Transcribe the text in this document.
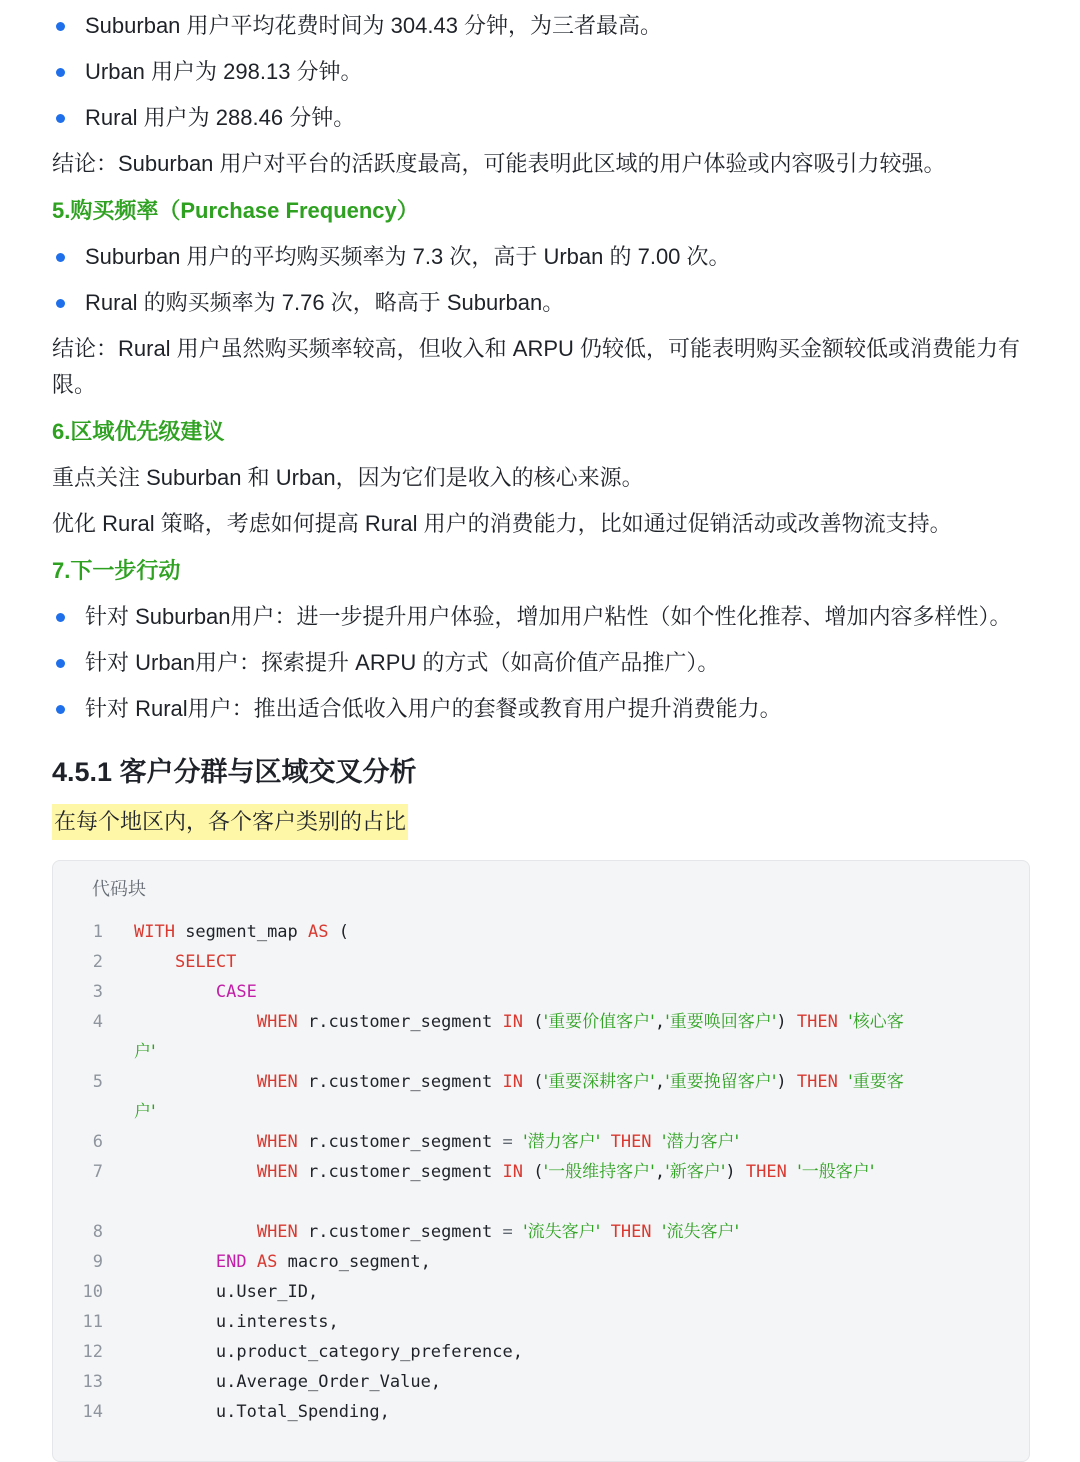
Suburban 用户平均花费时间为 304.43 分钟，为三者最高。
Urban 用户为 298.13 分钟。
Rural 用户为 288.46 分钟。
结论：Suburban 用户对平台的活跃度最高，可能表明此区域的用户体验或内容吸引力较强。
5.购买频率（Purchase Frequency）
Suburban 用户的平均购买频率为 7.3 次，高于 Urban 的 7.00 次。
Rural 的购买频率为 7.76 次，略高于 Suburban。
结论：Rural 用户虽然购买频率较高，但收入和 ARPU 仍较低，可能表明购买金额较低或消费能力有
限。
6.区域优先级建议
重点关注 Suburban 和 Urban，因为它们是收入的核心来源。
优化 Rural 策略，考虑如何提高 Rural 用户的消费能力，比如通过促销活动或改善物流支持。
7.下一步行动
针对 Suburban用户：进一步提升用户体验，增加用户粘性（如个性化推荐、增加内容多样性）。
针对 Urban用户：探索提升 ARPU 的方式（如高价值产品推广）。
针对 Rural用户：推出适合低收入用户的套餐或教育用户提升消费能力。
4.5.1 客户分群与区域交叉分析
在每个地区内，各个客户类别的占比
代码块
1 WITH segment_map AS (
2	SELECT
3	CASE
4	WHEN r.customer_segment IN ('重要价值客户','重要唤回客户') THEN '核心客
户'
5	WHEN r.customer_segment IN ('重要深耕客户','重要挽留客户') THEN '重要客
户'
6	WHEN r.customer_segment = '潜力客户' THEN '潜力客户'
7	WHEN r.customer_segment IN ('一般维持客户','新客户') THEN '一般客户'
8	WHEN r.customer_segment = '流失客户' THEN '流失客户'
9	END AS macro_segment,
10 u.User_ID,
11 u.interests,
12 u.product_category_preference,
13 u.Average_Order_Value,
14 u.Total_Spending,
